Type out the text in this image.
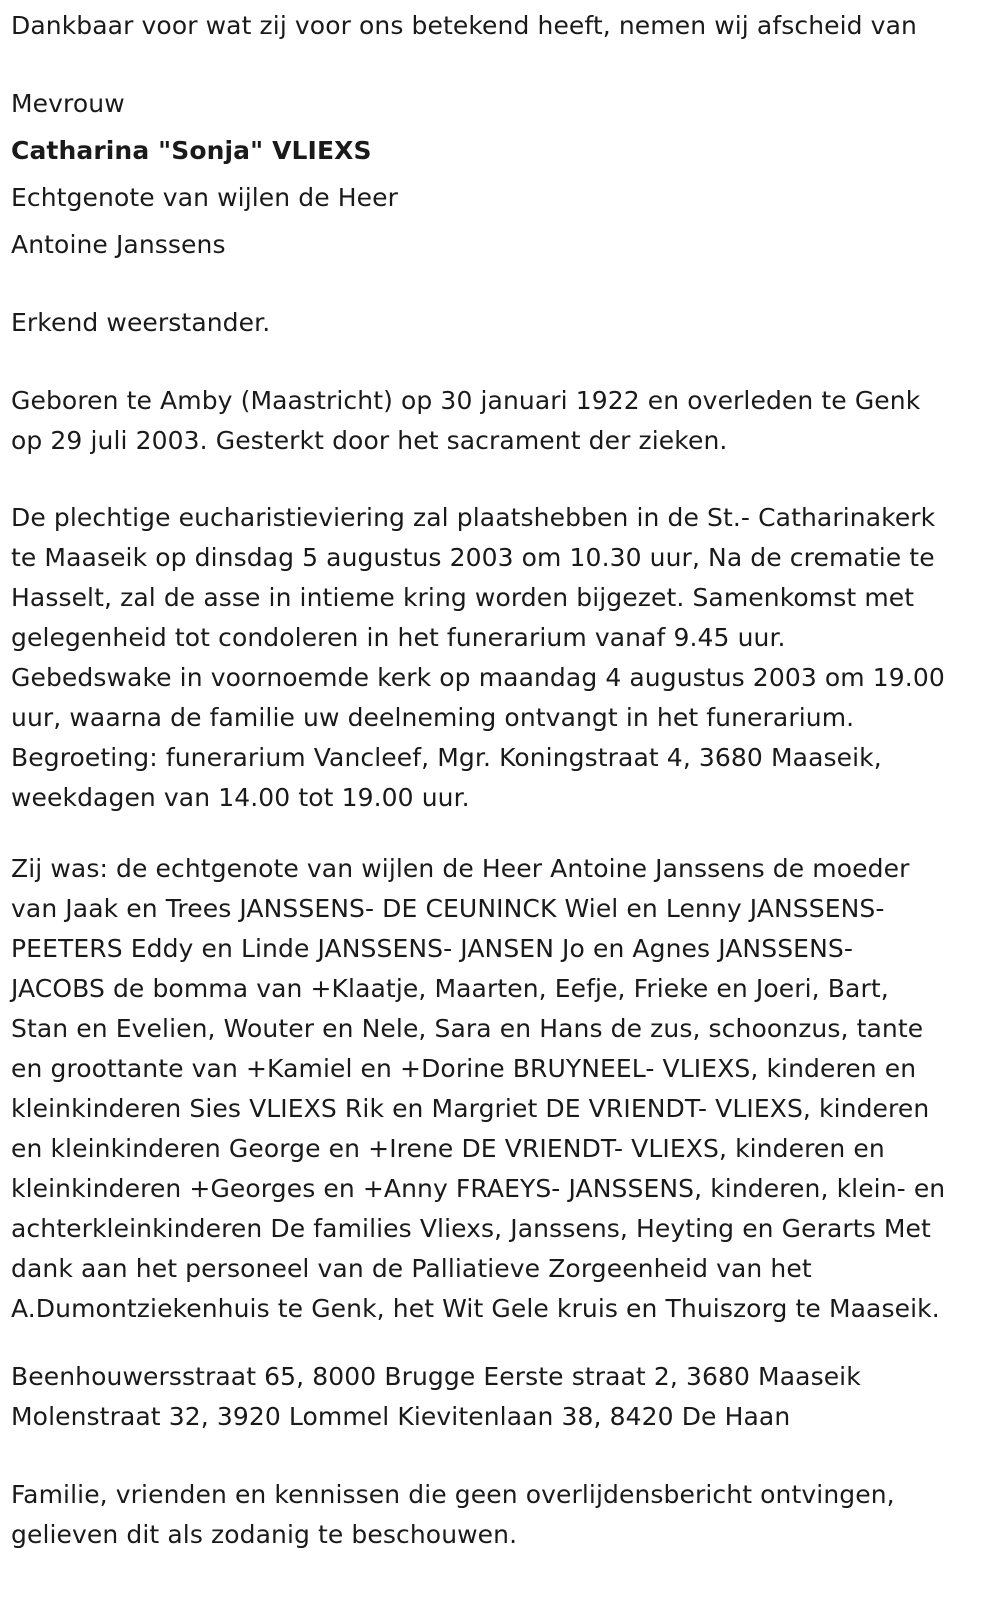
Dankbaar voor wat zij voor ons betekend heeft, nemen wij afscheid van

Mevrouw

Catharina "Sonja" VLIEXS

Echtgenote van wijlen de Heer

Antoine Janssens

Erkend weerstander.

Geboren te Amby (Maastricht) op 30 januari 1922 en overleden te Genk

op 29 juli 2003. Gesterkt door het sacrament der zieken.

De plechtige eucharistieviering zal plaatshebben in de St.- Catharinakerk

te Maaseik op dinsdag 5 augustus 2003 om 10.30 uur, Na de crematie te

Hasselt, zal de asse in intieme kring worden bijgezet. Samenkomst met

gelegenheid tot condoleren in het funerarium vanaf 9.45 uur.

Gebedswake in voornoemde kerk op maandag 4 augustus 2003 om 19.00

uur, waarna de familie uw deelneming ontvangt in het funerarium.

Begroeting: funerarium Vancleef, Mgr. Koningstraat 4, 3680 Maaseik,

weekdagen van 14.00 tot 19.00 uur.

Zij was: de echtgenote van wijlen de Heer Antoine Janssens de moeder

van Jaak en Trees JANSSENS- DE CEUNINCK Wiel en Lenny JANSSENS-

PEETERS Eddy en Linde JANSSENS- JANSEN Jo en Agnes JANSSENS-

JACOBS de bomma van +Klaatje, Maarten, Eefje, Frieke en Joeri, Bart,

Stan en Evelien, Wouter en Nele, Sara en Hans de zus, schoonzus, tante

en groottante van +Kamiel en +Dorine BRUYNEEL- VLIEXS, kinderen en

kleinkinderen Sies VLIEXS Rik en Margriet DE VRIENDT- VLIEXS, kinderen

en kleinkinderen George en +Irene DE VRIENDT- VLIEXS, kinderen en

kleinkinderen +Georges en +Anny FRAEYS- JANSSENS, kinderen, klein- en

achterkleinkinderen De families Vliexs, Janssens, Heyting en Gerarts Met

dank aan het personeel van de Palliatieve Zorgeenheid van het

A.Dumontziekenhuis te Genk, het Wit Gele kruis en Thuiszorg te Maaseik.

Beenhouwersstraat 65, 8000 Brugge Eerste straat 2, 3680 Maaseik

Molenstraat 32, 3920 Lommel Kievitenlaan 38, 8420 De Haan

Familie, vrienden en kennissen die geen overlijdensbericht ontvingen,

gelieven dit als zodanig te beschouwen.
